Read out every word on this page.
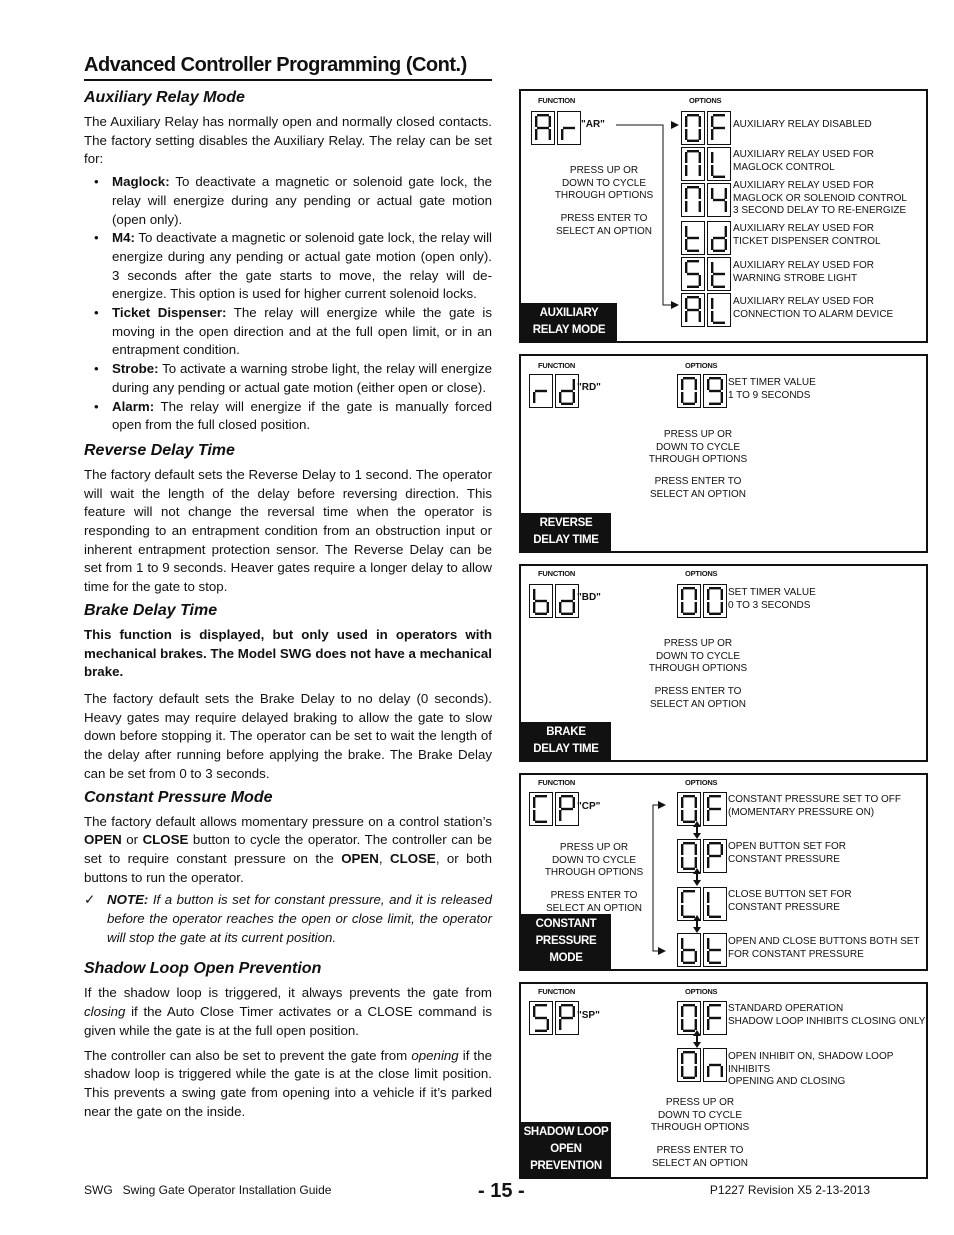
Advanced Controller Programming (Cont.)
Auxiliary Relay Mode

The Auxiliary Relay has normally open and normally closed contacts. The factory setting disables the Auxiliary Relay. The relay can be set for:

• Maglock: To deactivate a magnetic or solenoid gate lock, the relay will energize during any pending or actual gate motion (open only).
• M4: To deactivate a magnetic or solenoid gate lock, the relay will energize during any pending or actual gate motion (open only). 3 seconds after the gate starts to move, the relay will de-energize. This option is used for higher current solenoid locks.
• Ticket Dispenser: The relay will energize while the gate is moving in the open direction and at the full open limit, or in an entrapment condition.
• Strobe: To activate a warning strobe light, the relay will energize during any pending or actual gate motion (either open or close).
• Alarm: The relay will energize if the gate is manually forced open from the full closed position.
Reverse Delay Time

The factory default sets the Reverse Delay to 1 second. The operator will wait the length of the delay before reversing direction. This feature will not change the reversal time when the operator is responding to an entrapment condition from an obstruction input or inherent entrapment protection sensor. The Reverse Delay can be set from 1 to 9 seconds. Heaver gates require a longer delay to allow time for the gate to stop.

Brake Delay Time

This function is displayed, but only used in operators with mechanical brakes. The Model SWG does not have a mechanical brake.

The factory default sets the Brake Delay to no delay (0 seconds). Heavy gates may require delayed braking to allow the gate to slow down before stopping it. The operator can be set to wait the length of the delay after running before applying the brake. The Brake Delay can be set from 0 to 3 seconds.

Constant Pressure Mode

The factory default allows momentary pressure on a control station’s OPEN or CLOSE button to cycle the operator. The controller can be set to require constant pressure on the OPEN, CLOSE, or both buttons to run the operator.

✓ NOTE: If a button is set for constant pressure, and it is released before the operator reaches the open or close limit, the operator will stop the gate at its current position.
Shadow Loop Open Prevention

If the shadow loop is triggered, it always prevents the gate from closing if the Auto Close Timer activates or a CLOSE command is given while the gate is at the full open position.

The controller can also be set to prevent the gate from opening if the shadow loop is triggered while the gate is at the close limit position. This prevents a swing gate from opening into a vehicle if it’s parked near the gate on the inside.

FUNCTION	OPTIONS
"AR"
PRESS UP OR
DOWN TO CYCLE
THROUGH OPTIONS
PRESS ENTER TO
SELECT AN OPTION
AUXILIARY RELAY DISABLED
AUXILIARY RELAY USED FOR
MAGLOCK CONTROL
AUXILIARY RELAY USED FOR
MAGLOCK OR SOLENOID CONTROL
3 SECOND DELAY TO RE-ENERGIZE
AUXILIARY RELAY USED FOR
TICKET DISPENSER CONTROL
AUXILIARY RELAY USED FOR
WARNING STROBE LIGHT
AUXILIARY RELAY USED FOR
CONNECTION TO ALARM DEVICE
AUXILIARY
RELAY MODE
FUNCTION	OPTIONS
"RD"	SET TIMER VALUE
1 TO 9 SECONDS
PRESS UP OR
DOWN TO CYCLE
THROUGH OPTIONS
PRESS ENTER TO
SELECT AN OPTION
REVERSE
DELAY TIME
FUNCTION	OPTIONS
"BD"	SET TIMER VALUE
0 TO 3 SECONDS
PRESS UP OR
DOWN TO CYCLE
THROUGH OPTIONS
PRESS ENTER TO
SELECT AN OPTION
BRAKE
DELAY TIME
FUNCTION	OPTIONS
"CP"
PRESS UP OR
DOWN TO CYCLE
THROUGH OPTIONS
PRESS ENTER TO
SELECT AN OPTION
CONSTANT PRESSURE SET TO OFF
(MOMENTARY PRESSURE ON)
OPEN BUTTON SET FOR
CONSTANT PRESSURE
CLOSE BUTTON SET FOR
CONSTANT PRESSURE
OPEN AND CLOSE BUTTONS BOTH SET
FOR CONSTANT PRESSURE
CONSTANT
PRESSURE MODE
FUNCTION	OPTIONS
"SP"
STANDARD OPERATION
SHADOW LOOP INHIBITS CLOSING ONLY
OPEN INHIBIT ON, SHADOW LOOP INHIBITS
OPENING AND CLOSING
PRESS UP OR
DOWN TO CYCLE
THROUGH OPTIONS
PRESS ENTER TO
SELECT AN OPTION
SHADOW LOOP
OPEN PREVENTION
SWG   Swing Gate Operator Installation Guide	- 15 -	P1227 Revision X5 2-13-2013
